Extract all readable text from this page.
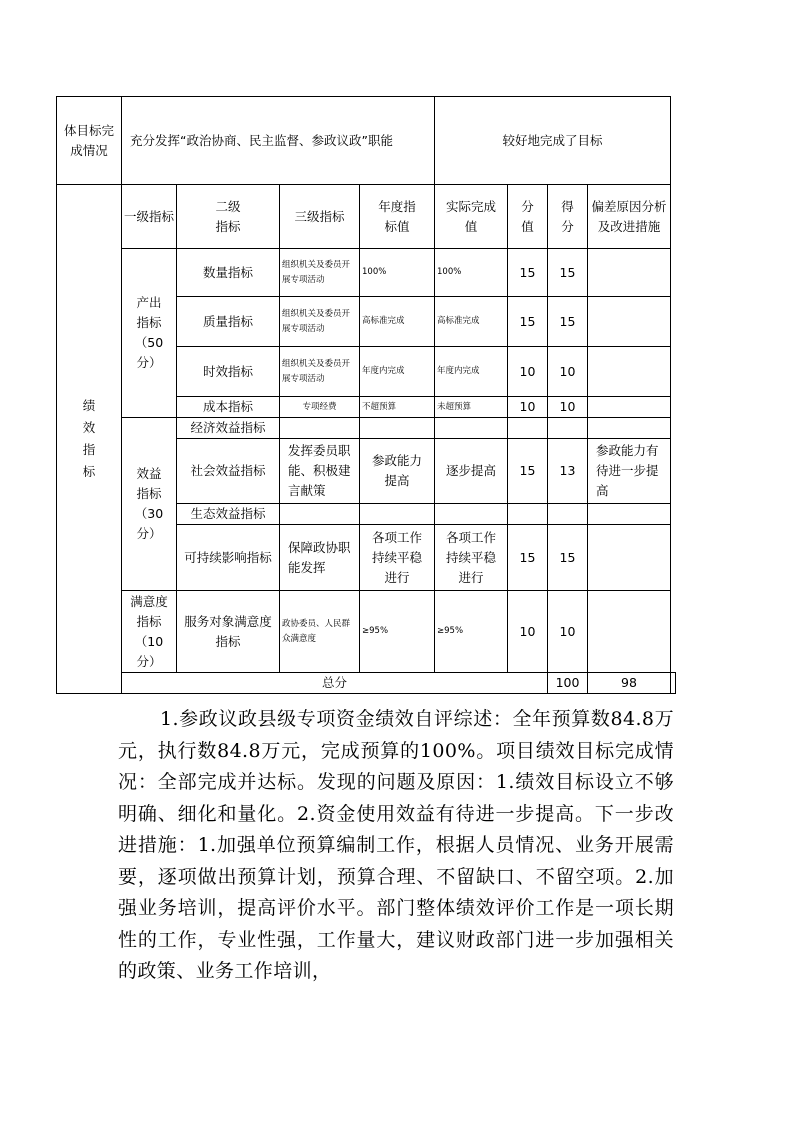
体目标完成情况	充分发挥“政治协商、民主监督、参政议政”职能				较好地完成了目标				

绩效指标	一级指标	二级指标	三级指标	年度指标值	实际完成值	分值	得分	偏差原因分析及改进措施	

	产出指标（50分）	数量指标	组织机关及委员开展专项活动	100%	100%	15	15		
		质量指标	组织机关及委员开展专项活动	高标准完成	高标准完成	15	15		
		时效指标	组织机关及委员开展专项活动	年度内完成	年度内完成	10	10		
		成本指标	专项经费	不超预算	未超预算	10	10		

	效益指标（30分）	经济效益指标							
		社会效益指标	发挥委员职能、积极建言献策	参政能力提高	逐步提高	15	13	参政能力有待进一步提高	
		生态效益指标							

		可持续影响指标	保障政协职能发挥	各项工作持续平稳进行	各项工作持续平稳进行	15	15		

	满意度指标（10分）	服务对象满意度指标	政协委员、人民群众满意度	≥95%	≥95%	10	10		
	总分						100	98	

1.参政议政县级专项资金绩效自评综述：全年预算数84.8万元，执行数84.8万元，完成预算的100%。项目绩效目标完成情况：全部完成并达标。发现的问题及原因：1.绩效目标设立不够明确、细化和量化。2.资金使用效益有待进一步提高。下一步改进措施：1.加强单位预算编制工作，根据人员情况、业务开展需要，逐项做出预算计划，预算合理、不留缺口、不留空项。2.加强业务培训，提高评价水平。部门整体绩效评价工作是一项长期性的工作，专业性强，工作量大，建议财政部门进一步加强相关的政策、业务工作培训，
